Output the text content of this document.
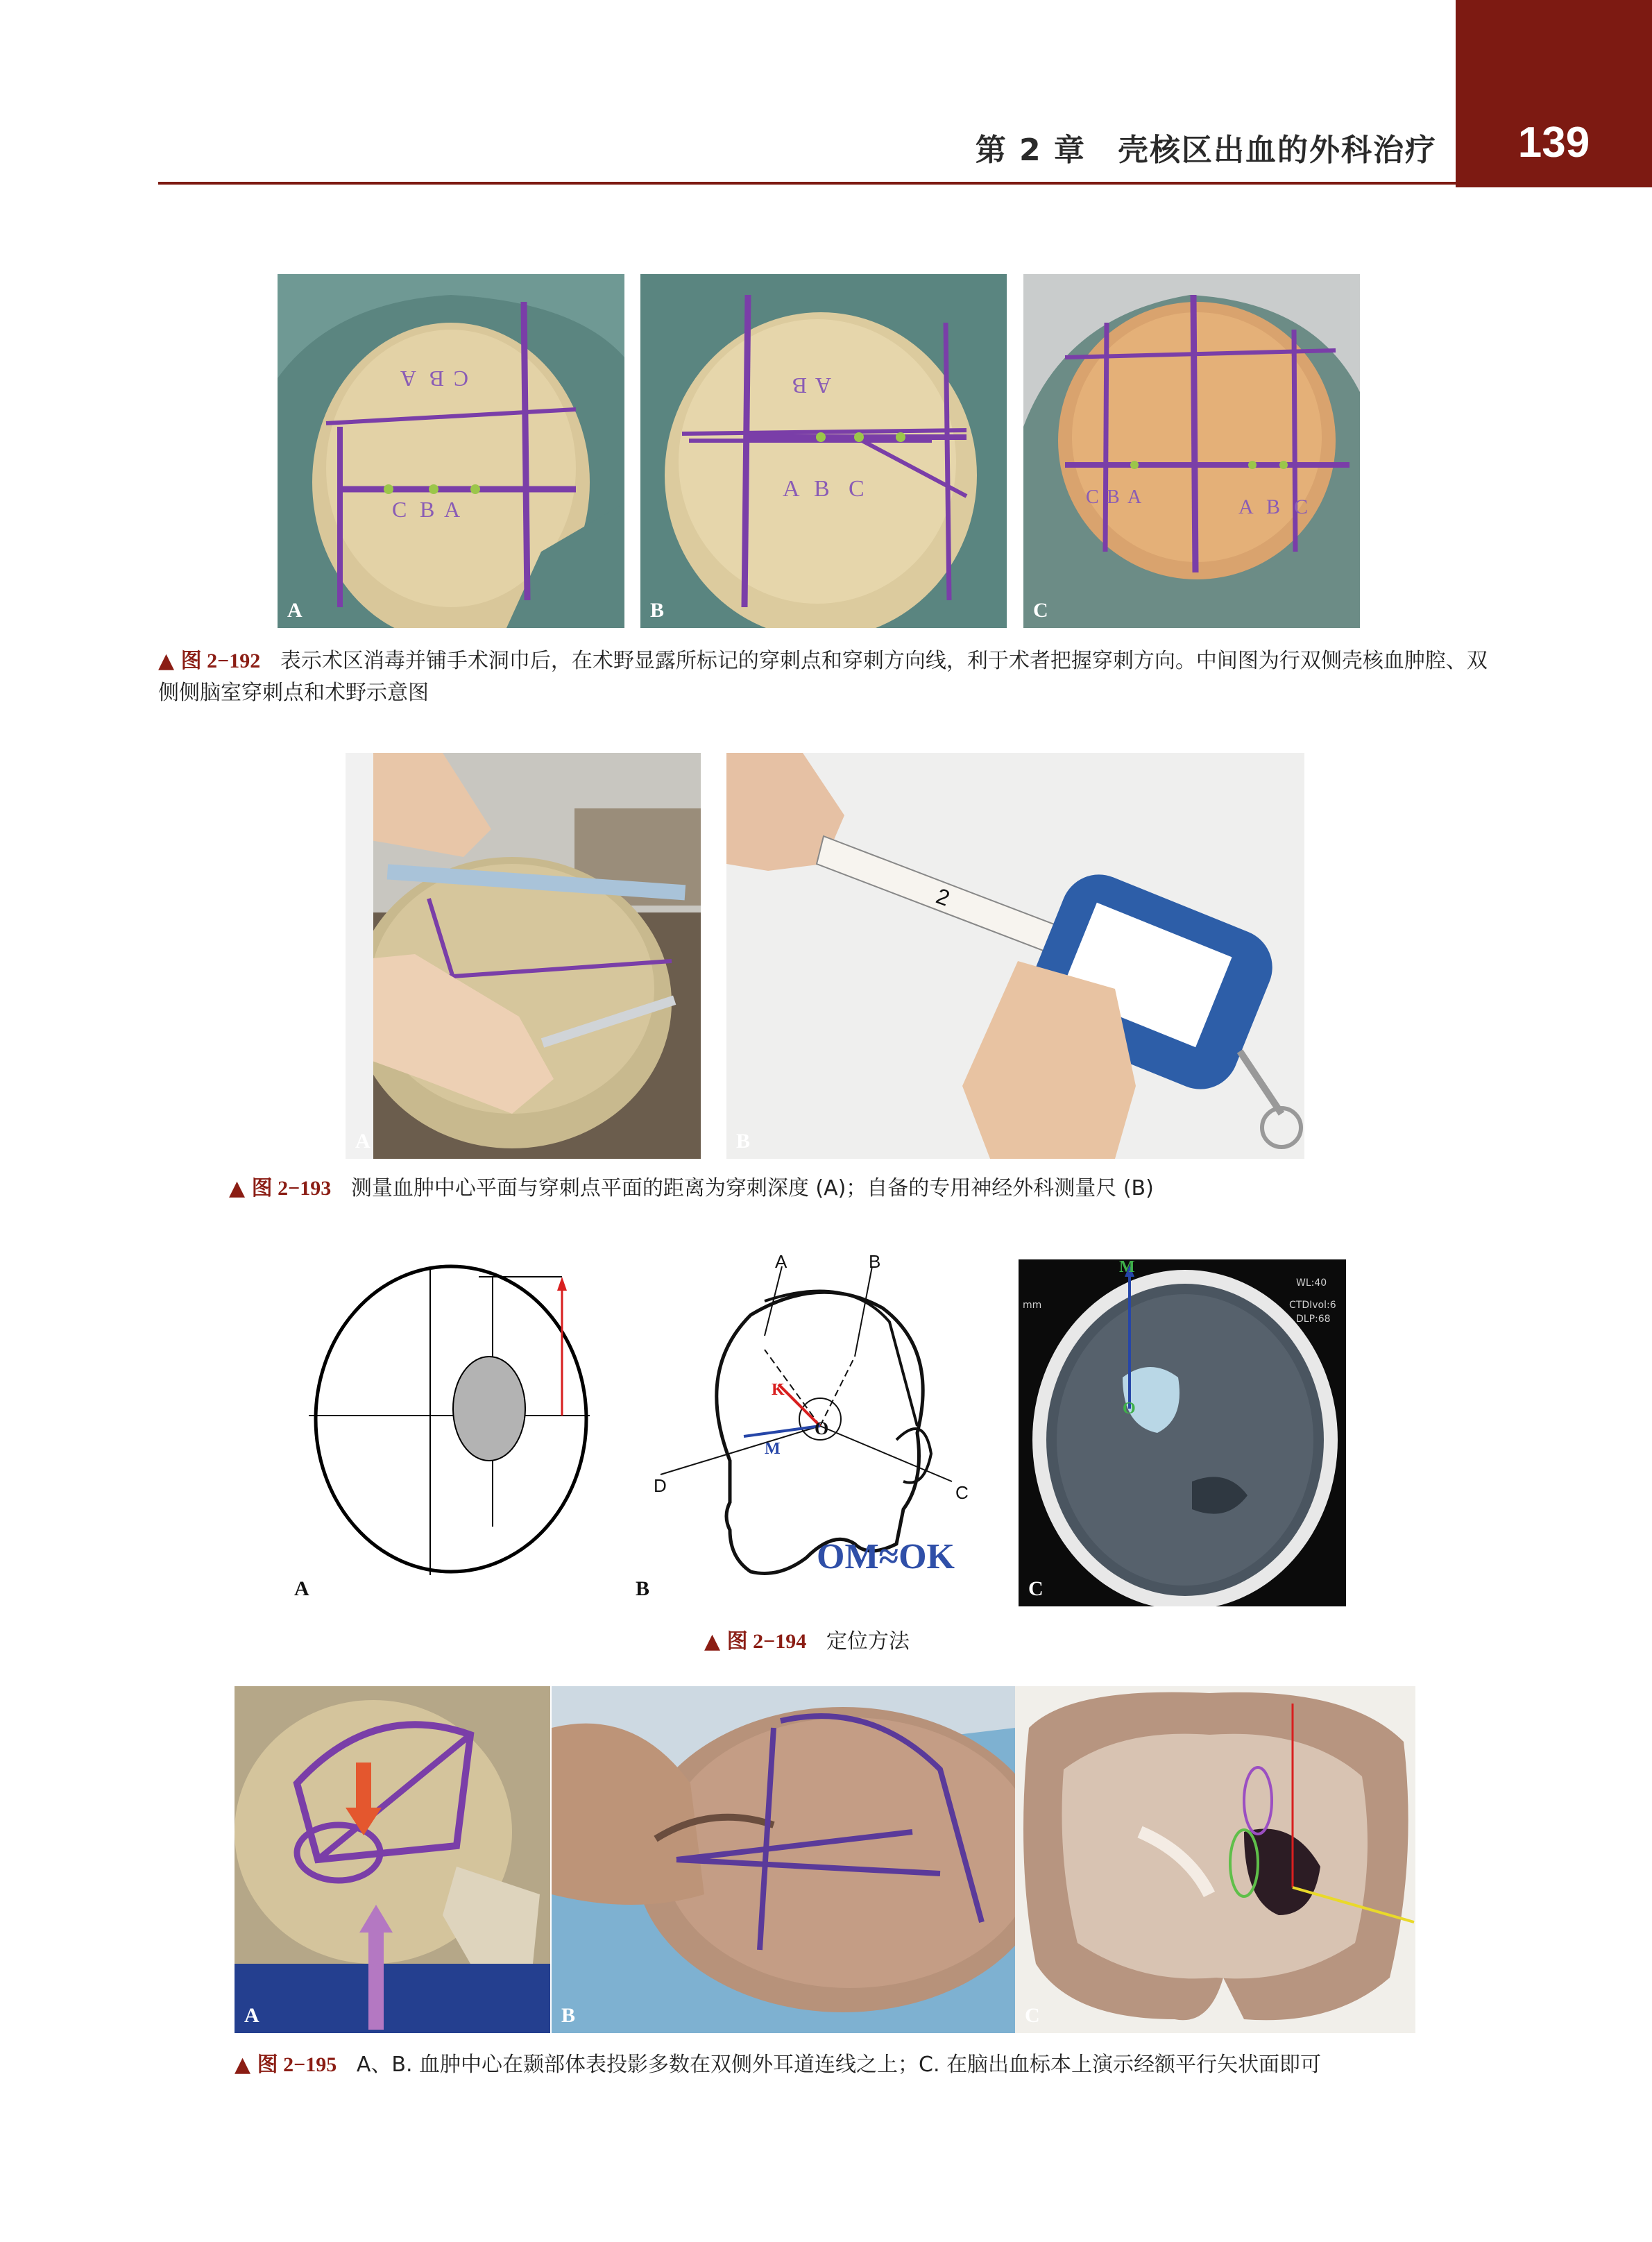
第 2 章　壳核区出血的外科治疗 139
C B A
A B C
A
B A
A B C
B
C B A	A B C
C
▲ 图 2−192 表示术区消毒并铺手术洞巾后，在术野显露所标记的穿刺点和穿刺方向线，利于术者把握穿刺方向。中间图为行双侧壳核血肿腔、双侧侧脑室穿刺点和术野示意图
A
2
B
▲ 图 2−193 测量血肿中心平面与穿刺点平面的距离为穿刺深度 (A)；自备的专用神经外科测量尺 (B)
A
A	B
K
O
M
D	C
OM≈OK
B
M
O
WL:40
CTDIvol:6
DLP:68
mm
C
▲ 图 2−194 定位方法
A	B	C
▲ 图 2−195 A、B. 血肿中心在颞部体表投影多数在双侧外耳道连线之上；C. 在脑出血标本上演示经额平行矢状面即可
